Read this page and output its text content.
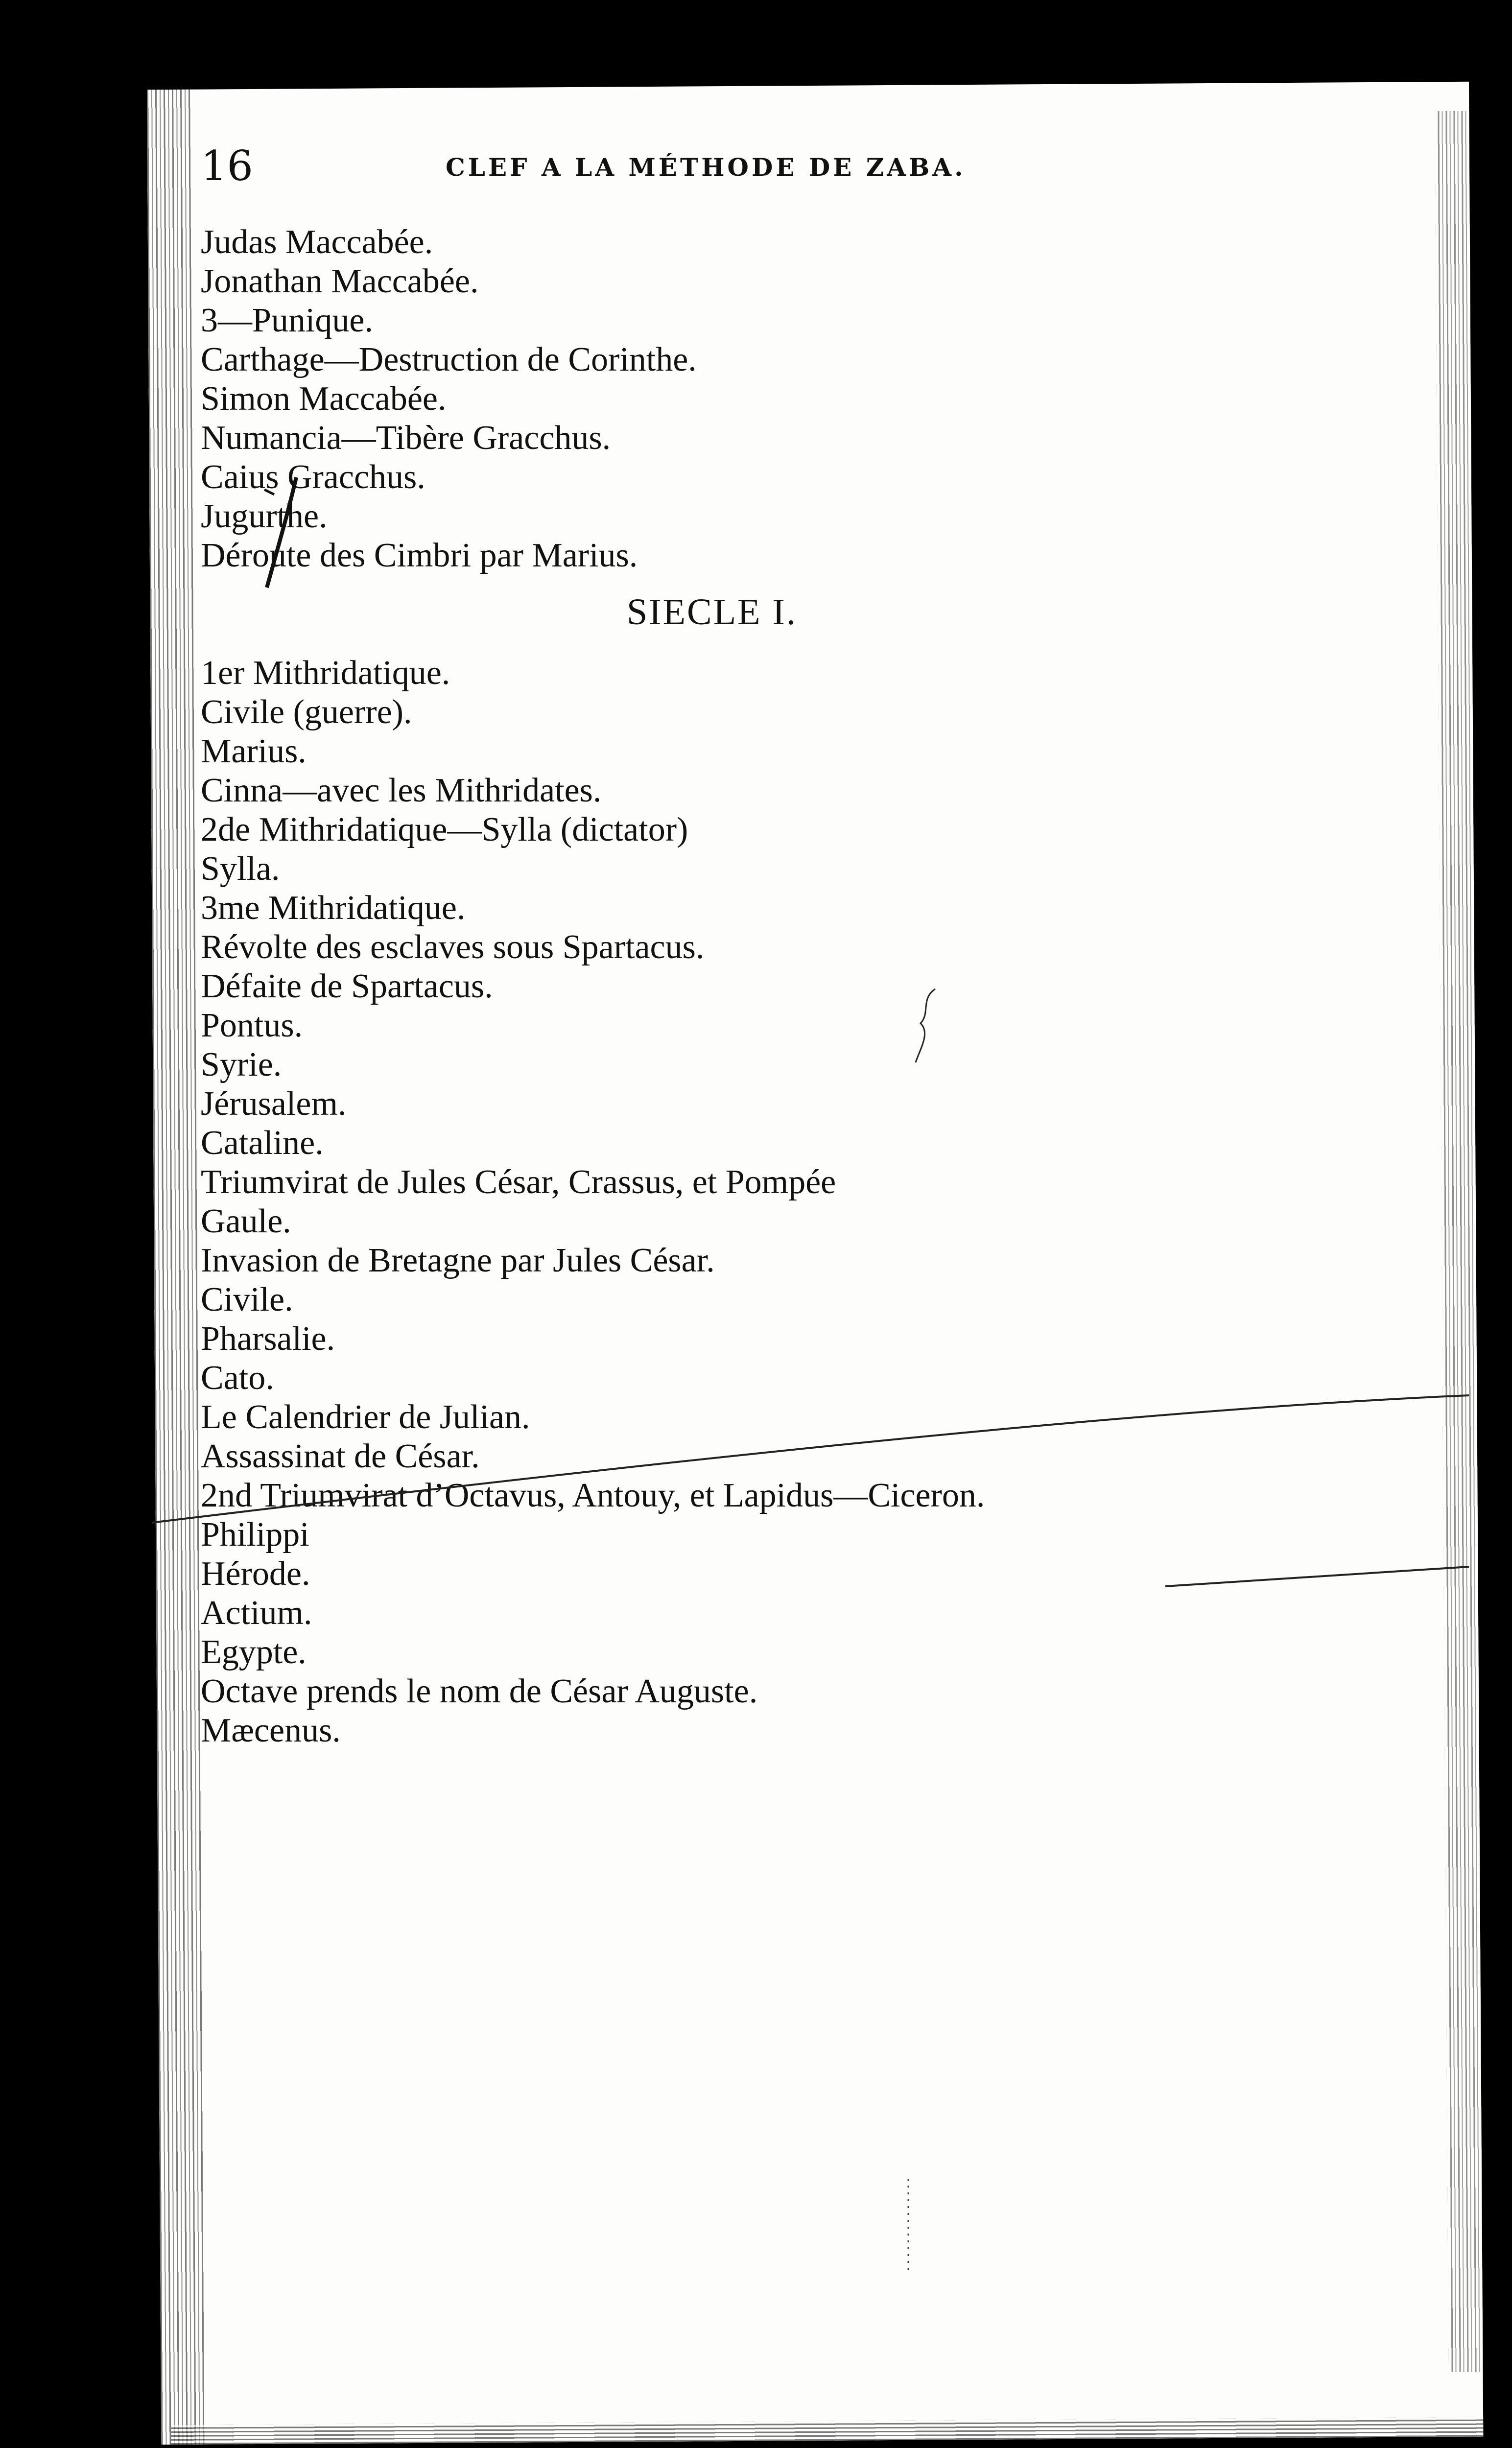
16	CLEF A LA MÉTHODE DE ZABA.
Judas Maccabée.
Jonathan Maccabée.
3—Punique.
Carthage—Destruction de Corinthe.
Simon Maccabée.
Numancia—Tibère Gracchus.
Caius Gracchus.
Jugurthe.
Déroute des Cimbri par Marius.
SIECLE I.
1er Mithridatique.
Civile (guerre).
Marius.
Cinna—avec les Mithridates.
2de Mithridatique—Sylla (dictator)
Sylla.
3me Mithridatique.
Révolte des esclaves sous Spartacus.
Défaite de Spartacus.
Pontus.
Syrie.
Jérusalem.
Cataline.
Triumvirat de Jules César, Crassus, et Pompée
Gaule.
Invasion de Bretagne par Jules César.
Civile.
Pharsalie.
Cato.
Le Calendrier de Julian.
Assassinat de César.
2nd Triumvirat d’Octavus, Antouy, et Lapidus—Ciceron.
Philippi
Hérode.
Actium.
Egypte.
Octave prends le nom de César Auguste.
Mæcenus.
